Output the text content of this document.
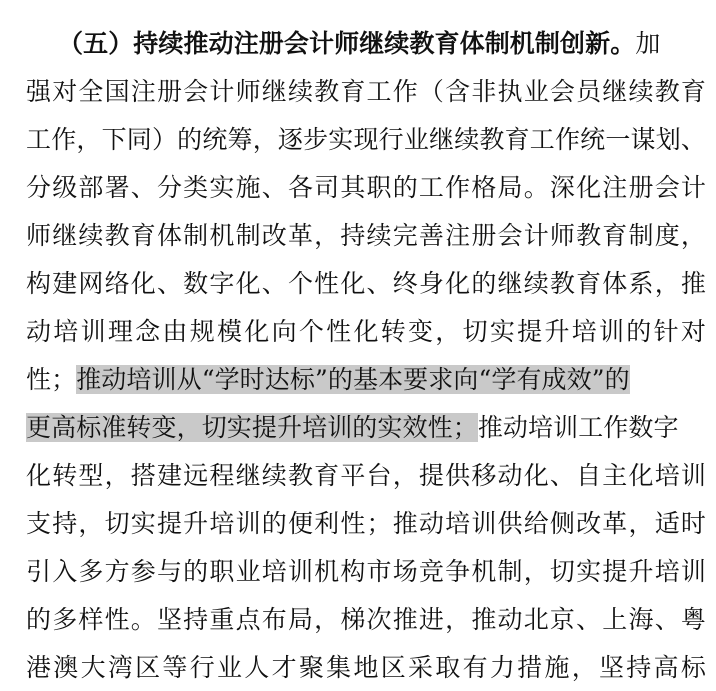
（五）持续推动注册会计师继续教育体制机制创新。加
强对全国注册会计师继续教育工作（含非执业会员继续教育
工作，下同）的统筹，逐步实现行业继续教育工作统一谋划、
分级部署、分类实施、各司其职的工作格局。深化注册会计
师继续教育体制机制改革，持续完善注册会计师教育制度，
构建网络化、数字化、个性化、终身化的继续教育体系，推
动培训理念由规模化向个性化转变，切实提升培训的针对
性；推动培训从“学时达标”的基本要求向“学有成效”的
更高标准转变，切实提升培训的实效性；推动培训工作数字
化转型，搭建远程继续教育平台，提供移动化、自主化培训
支持，切实提升培训的便利性；推动培训供给侧改革，适时
引入多方参与的职业培训机构市场竞争机制，切实提升培训
的多样性。坚持重点布局，梯次推进，推动北京、上海、粤
港澳大湾区等行业人才聚集地区采取有力措施，坚持高标
